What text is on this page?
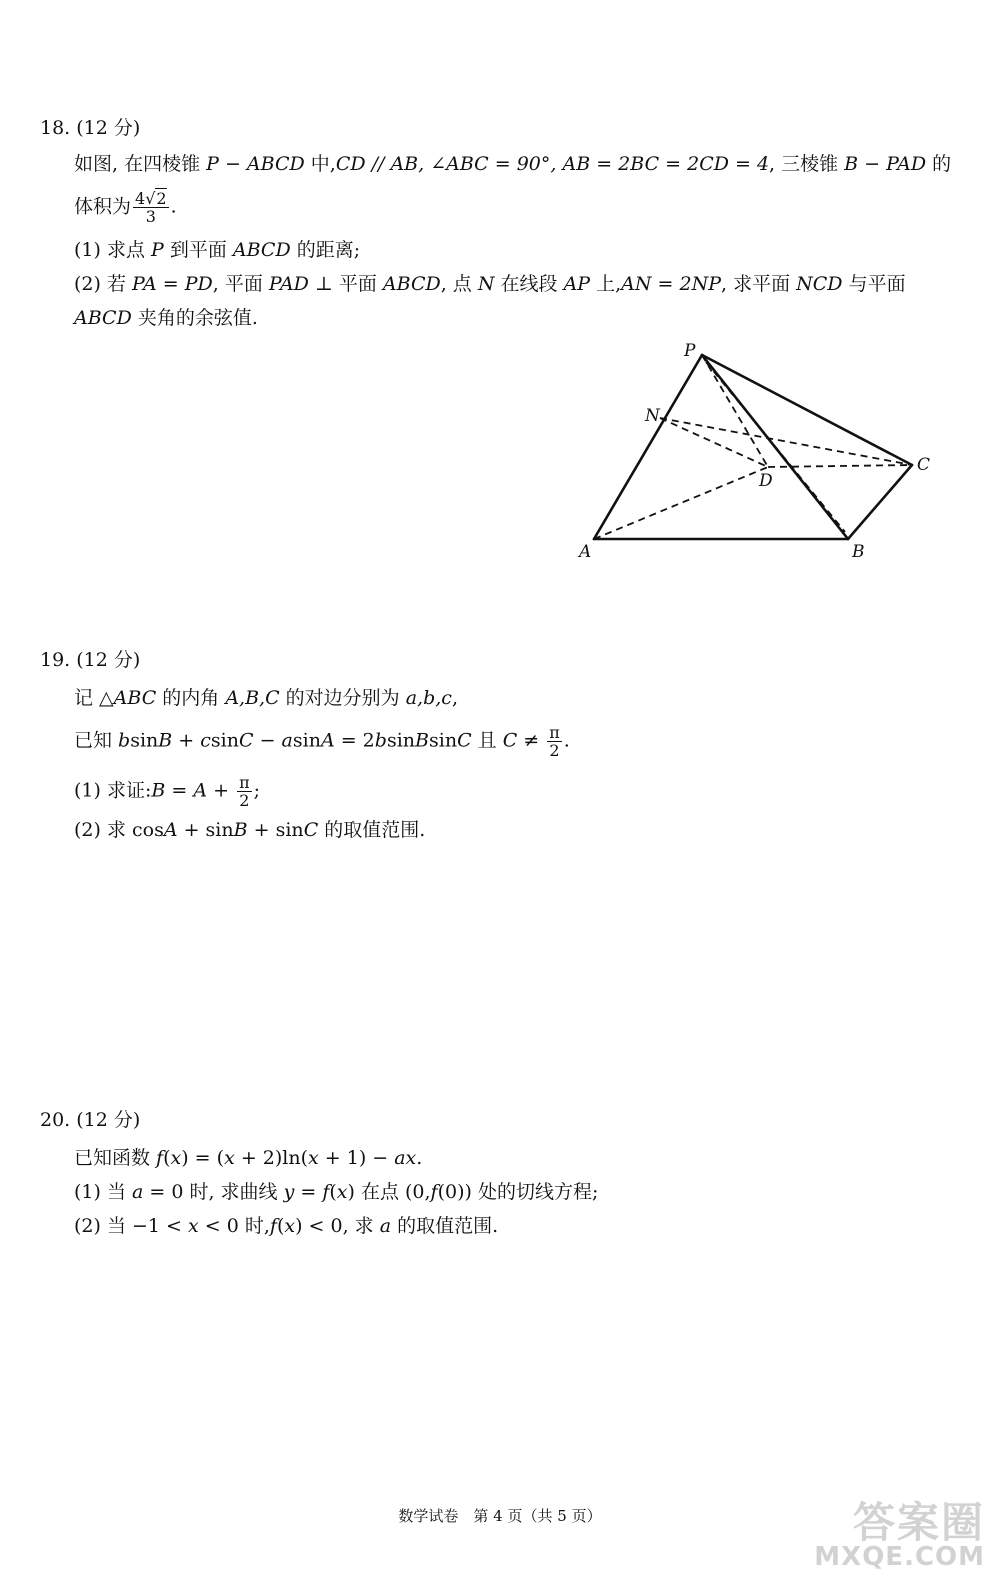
18. (12 分)
如图, 在四棱锥 P − ABCD 中,CD // AB, ∠ABC = 90°, AB = 2BC = 2CD = 4, 三棱锥 B − PAD 的
体积为 $\frac{4√2}{3}$ .
(1) 求点 P 到平面 ABCD 的距离;
(2) 若 PA = PD, 平面 PAD ⊥ 平面 ABCD, 点 N 在线段 AP 上,AN = 2NP, 求平面 NCD 与平面
ABCD 夹角的余弦值.
P
N
C
D
A	B
19. (12 分)
记 △ABC 的内角 A,B,C 的对边分别为 a,b,c,
已知 bsinB + csinC − asinA = 2bsinBsinC 且 $C \ne \frac{\pi}{2}$ .
(1) 求证:B = $A + \frac{\pi}{2}$ ;
(2) 求 cosA + sinB + sinC 的取值范围.
20. (12 分)
已知函数 f(x) = (x + 2)ln(x + 1) − ax.
(1) 当 a = 0 时, 求曲线 y = f(x) 在点 (0,f(0)) 处的切线方程;
(2) 当 −1 < x < 0 时,f(x) < 0, 求 a 的取值范围.
数学试卷　第 4 页（共 5 页）	答案圈
MXQE.COM
